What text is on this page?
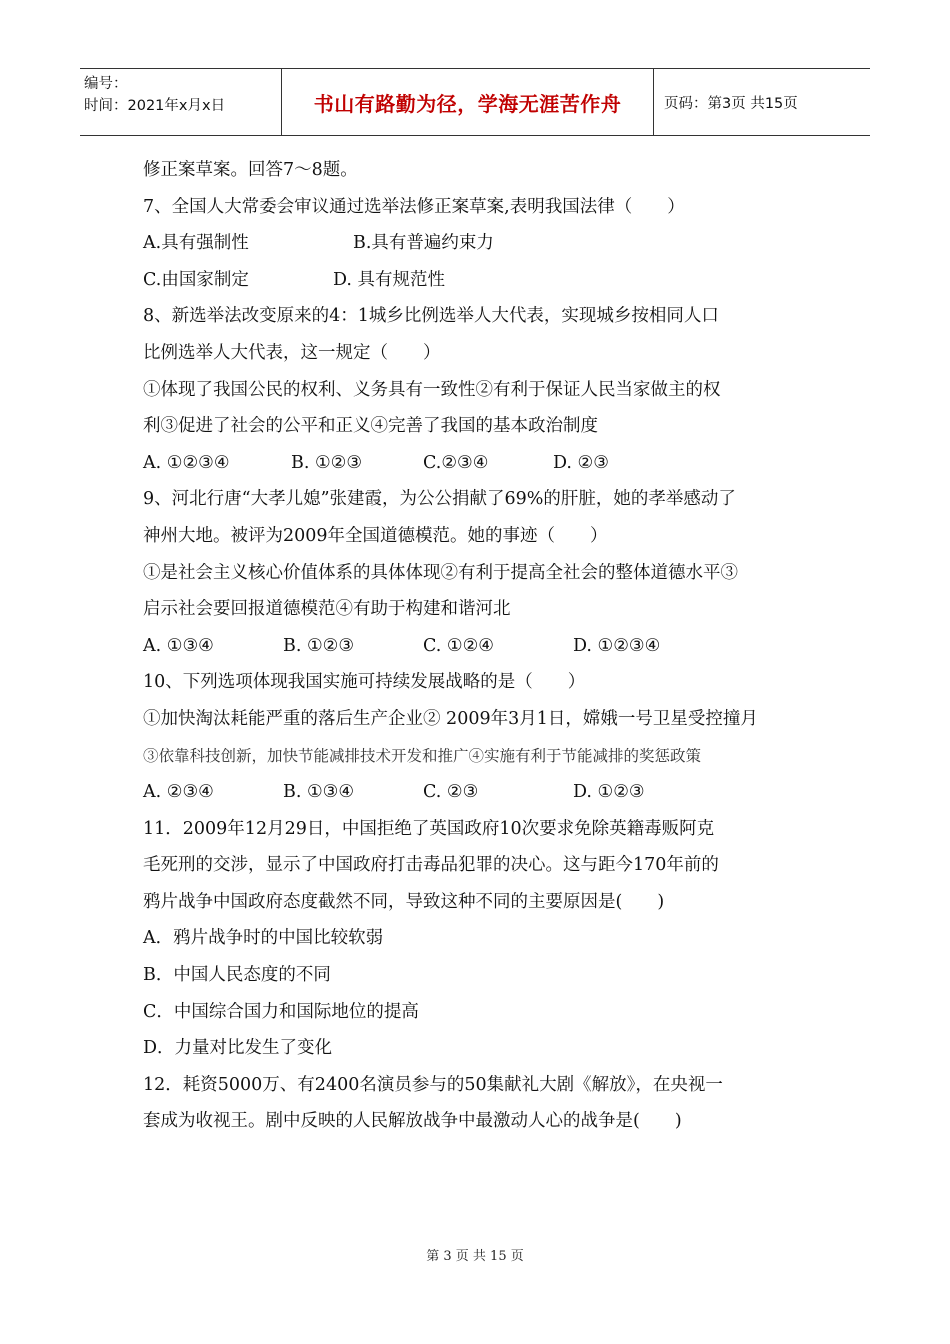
编号：
时间：2021年x月x日	书山有路勤为径，学海无涯苦作舟	页码：第3页 共15页
修正案草案。回答7～8题。
7、全国人大常委会审议通过选举法修正案草案,表明我国法律（　　）
A.具有强制性	B.具有普遍约束力
C.由国家制定	D. 具有规范性
8、新选举法改变原来的4：1城乡比例选举人大代表，实现城乡按相同人口
比例选举人大代表，这一规定（　　）
①体现了我国公民的权利、义务具有一致性②有利于保证人民当家做主的权
利③促进了社会的公平和正义④完善了我国的基本政治制度
A. ①②③④	B. ①②③	C.②③④	D. ②③
9、河北行唐“大孝儿媳”张建霞，为公公捐献了69%的肝脏，她的孝举感动了
神州大地。被评为2009年全国道德模范。她的事迹（　　）
①是社会主义核心价值体系的具体体现②有利于提高全社会的整体道德水平③
启示社会要回报道德模范④有助于构建和谐河北
A. ①③④	B. ①②③	C. ①②④	D. ①②③④
10、下列选项体现我国实施可持续发展战略的是（　　）
①加快淘汰耗能严重的落后生产企业② 2009年3月1日，嫦娥一号卫星受控撞月
③依靠科技创新，加快节能减排技术开发和推广④实施有利于节能减排的奖惩政策
A. ②③④	B. ①③④	C. ②③	D. ①②③
11．2009年12月29日，中国拒绝了英国政府10次要求免除英籍毒贩阿克
毛死刑的交涉，显示了中国政府打击毒品犯罪的决心。这与距今170年前的
鸦片战争中国政府态度截然不同，导致这种不同的主要原因是(　　)
A．鸦片战争时的中国比较软弱
B．中国人民态度的不同
C．中国综合国力和国际地位的提高
D．力量对比发生了变化
12．耗资5000万、有2400名演员参与的50集献礼大剧《解放》，在央视一
套成为收视王。剧中反映的人民解放战争中最激动人心的战争是(　　)
第 3 页 共 15 页
